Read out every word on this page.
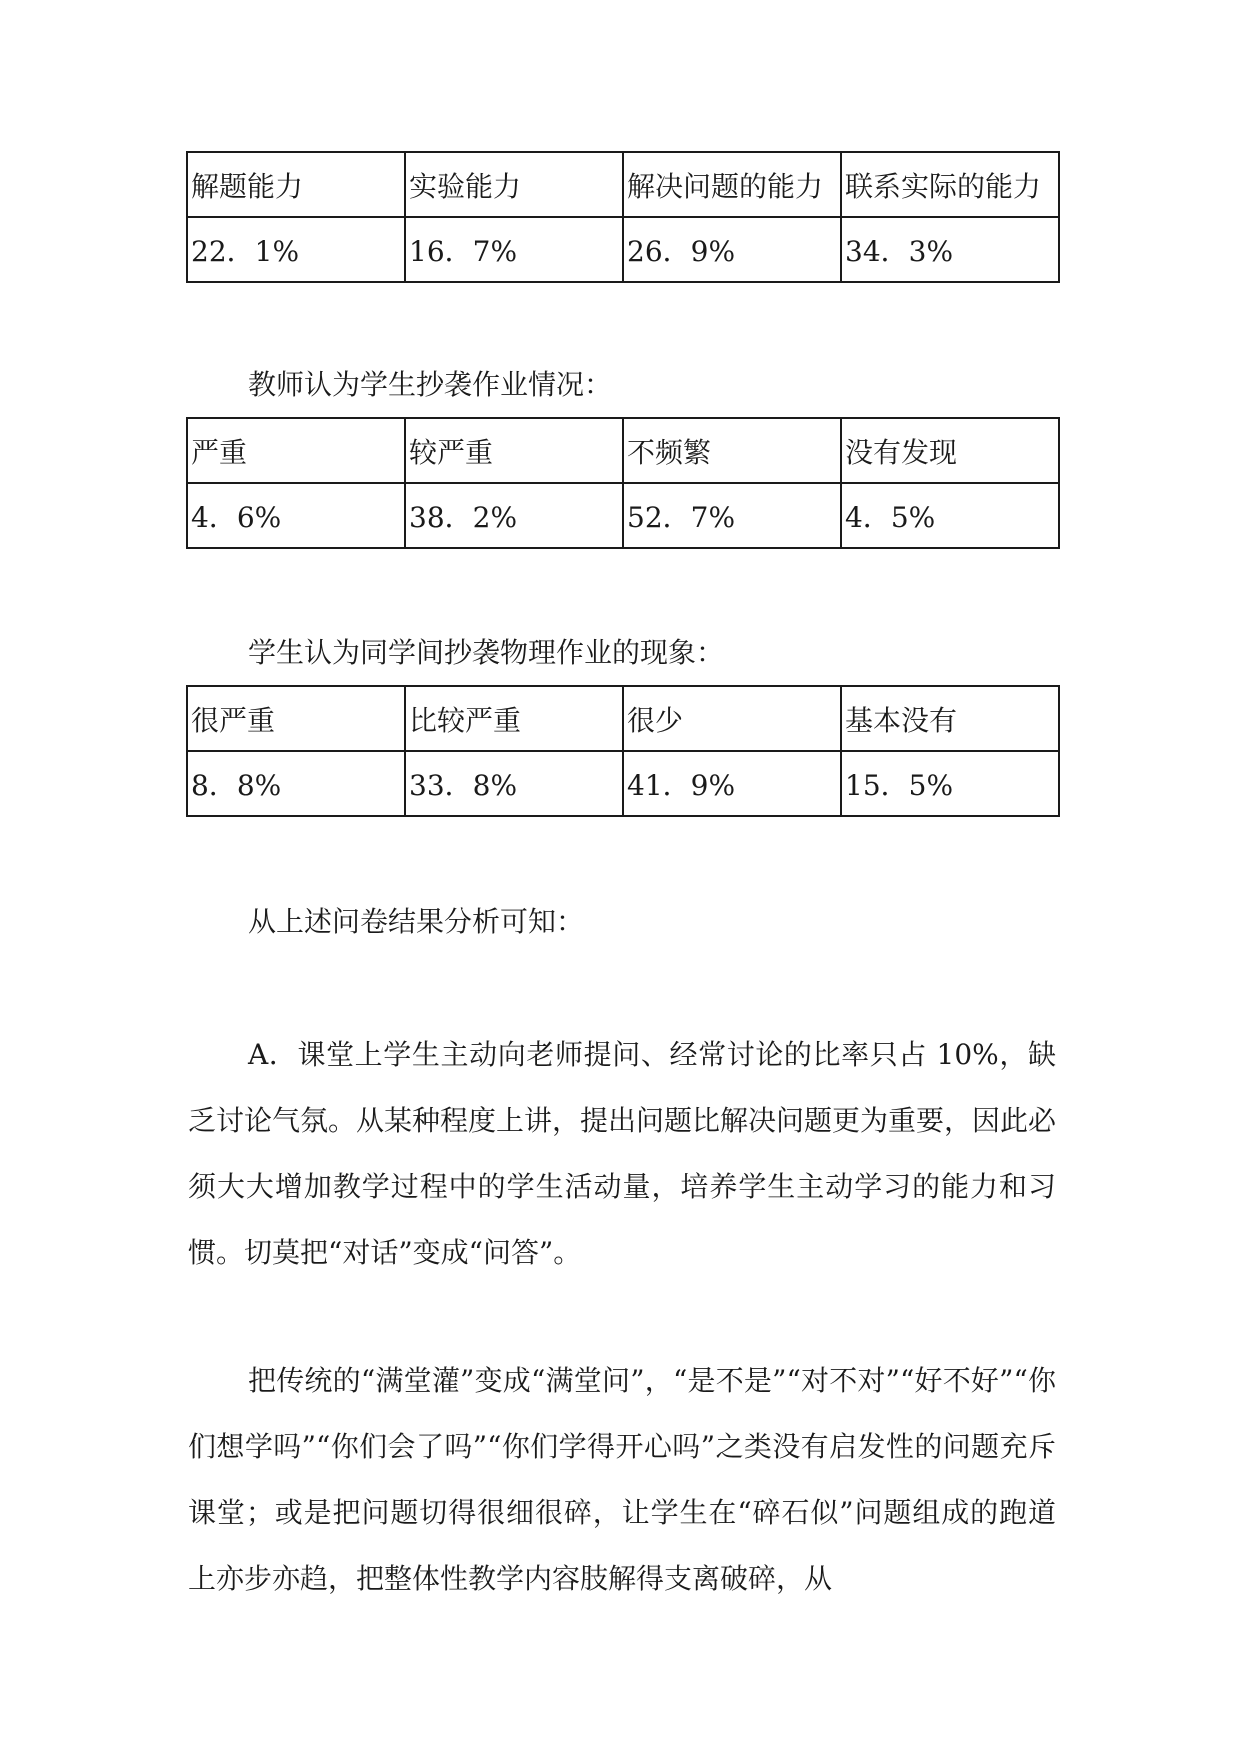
解题能力	实验能力	解决问题的能力	联系实际的能力
22．1%	16．7%	26．9%	34．3%
教师认为学生抄袭作业情况：
严重	较严重	不频繁	没有发现
4．6%	38．2%	52．7%	4．5%
学生认为同学间抄袭物理作业的现象：
很严重	比较严重	很少	基本没有
8．8%	33．8%	41．9%	15．5%
从上述问卷结果分析可知：
A．课堂上学生主动向老师提问、经常讨论的比率只占 10%，缺乏讨论气氛。从某种程度上讲，提出问题比解决问题更为重要，因此必须大大增加教学过程中的学生活动量，培养学生主动学习的能力和习惯。切莫把“对话”变成“问答”。
把传统的“满堂灌”变成“满堂问”，“是不是”“对不对”“好不好”“你们想学吗”“你们会了吗”“你们学得开心吗”之类没有启发性的问题充斥课堂；或是把问题切得很细很碎，让学生在“碎石似”问题组成的跑道上亦步亦趋，把整体性教学内容肢解得支离破碎，从
